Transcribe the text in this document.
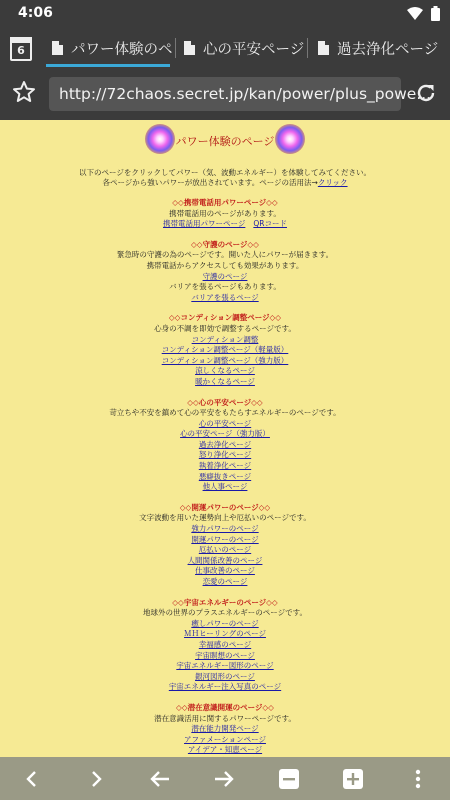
4:06
6	パワー体験のペ 心の平安ページ 過去浄化ページ
http://72chaos.secret.jp/kan/power/plus_powe...
パワー体験のページ
以下のページをクリックしてパワー（気、波動エネルギー）を体験してみてください。
各ページから強いパワーが放出されています。ページの活用法→クリック
◇◇携帯電話用パワーページ◇◇
携帯電話用のページがあります。
携帯電話用パワーページ QRコード
◇◇守護のページ◇◇
緊急時の守護の為のページです。開いた人にパワーが届きます。
携帯電話からアクセスしても効果があります。
守護のページ
バリアを張るページもあります。
バリアを張るページ
◇◇コンディション調整ページ◇◇
心身の不調を即効で調整するページです。
コンディション調整
コンディション調整ページ（軽量版）
コンディション調整ページ（強力版）
涼しくなるページ
暖かくなるページ
◇◇心の平安ページ◇◇
苛立ちや不安を鎮めて心の平安をもたらすエネルギーのページです。
心の平安ページ
心の平安ページ（強力版）
過去浄化ページ
怒り浄化ページ
執着浄化ページ
悪癖抜きページ
他人事ページ
◇◇開運パワーのページ◇◇
文字波動を用いた運勢向上や厄払いのページです。
強力パワーのページ
開運パワーのページ
厄払いのページ
人間関係改善のページ
仕事改善のページ
恋愛のページ
◇◇宇宙エネルギーのページ◇◇
地球外の世界のプラスエネルギーのページです。
癒しパワーのページ
ＭＨヒーリングのページ
幸福感のページ
宇宙瞑想のページ
宇宙エネルギー図形のページ
銀河図形のページ
宇宙エネルギー注入写真のページ
◇◇潜在意識開運のページ◇◇
潜在意識活用に関するパワーページです。
潜在能力開発ページ
アファメーションページ
アイデア・知恵ページ
